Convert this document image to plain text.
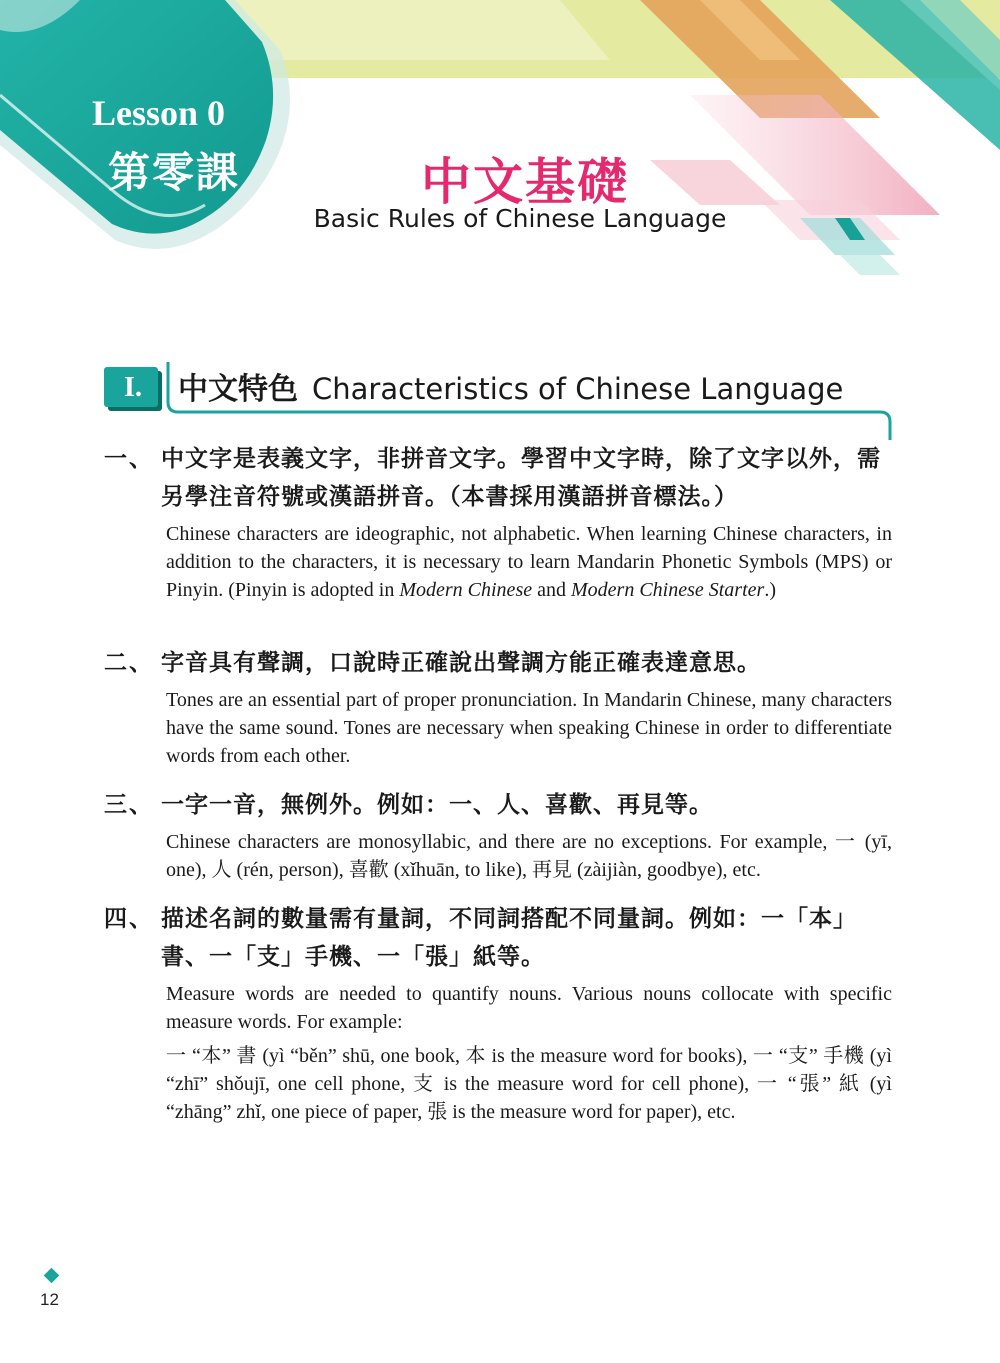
Lesson 0
第零課	中文基礎
Basic Rules of Chinese Language
I.	中文特色 Characteristics of Chinese Language
一、 中文字是表義文字，非拼音文字。學習中文字時，除了文字以外，需另學注音符號或漢語拼音。（本書採用漢語拼音標法。）
Chinese characters are ideographic, not alphabetic. When learning Chinese characters, in addition to the characters, it is necessary to learn Mandarin Phonetic Symbols (MPS) or Pinyin. (Pinyin is adopted in Modern Chinese and Modern Chinese Starter.)
二、 字音具有聲調，口說時正確說出聲調方能正確表達意思。
Tones are an essential part of proper pronunciation. In Mandarin Chinese, many characters have the same sound. Tones are necessary when speaking Chinese in order to differentiate words from each other.
三、 一字一音，無例外。例如：一、人、喜歡、再見等。
Chinese characters are monosyllabic, and there are no exceptions. For example, 一 (yī, one), 人 (rén, person), 喜歡 (xǐhuān, to like), 再見 (zàijiàn, goodbye), etc.
四、 描述名詞的數量需有量詞，不同詞搭配不同量詞。例如：一「本」書、一「支」手機、一「張」紙等。
Measure words are needed to quantify nouns. Various nouns collocate with specific measure words. For example:
一 “本” 書 (yì “běn” shū, one book, 本 is the measure word for books), 一 “支” 手機 (yì “zhī” shǒujī, one cell phone, 支 is the measure word for cell phone), 一 “張” 紙 (yì “zhāng” zhǐ, one piece of paper, 張 is the measure word for paper), etc.
12
